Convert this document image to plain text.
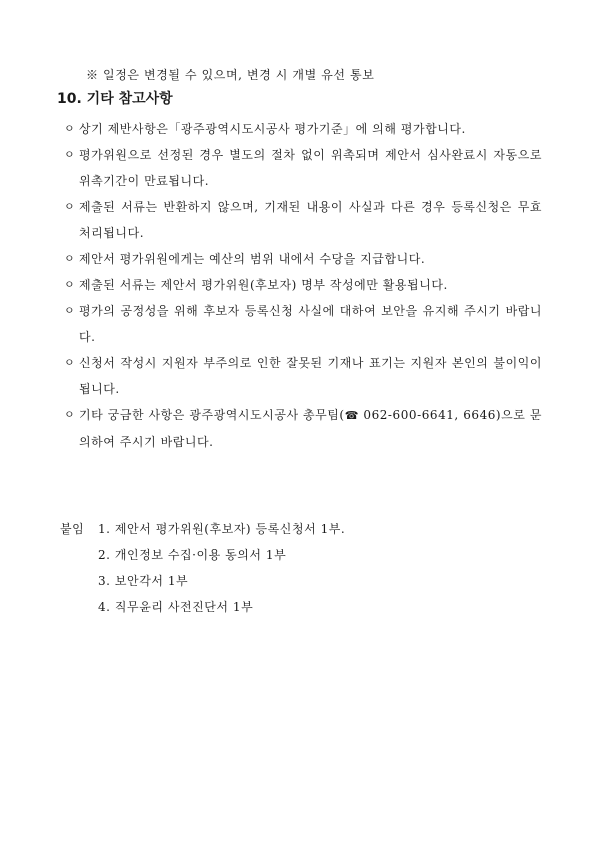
※ 일정은 변경될 수 있으며, 변경 시 개별 유선 통보
10. 기타 참고사항
ㅇ 상기 제반사항은「광주광역시도시공사 평가기준」에 의해 평가합니다.
ㅇ 평가위원으로 선정된 경우 별도의 절차 없이 위촉되며 제안서 심사완료시 자동으로 위촉기간이 만료됩니다.
ㅇ 제출된 서류는 반환하지 않으며, 기재된 내용이 사실과 다른 경우 등록신청은 무효 처리됩니다.
ㅇ 제안서 평가위원에게는 예산의 범위 내에서 수당을 지급합니다.
ㅇ 제출된 서류는 제안서 평가위원(후보자) 명부 작성에만 활용됩니다.
ㅇ 평가의 공정성을 위해 후보자 등록신청 사실에 대하여 보안을 유지해 주시기 바랍니다.
ㅇ 신청서 작성시 지원자 부주의로 인한 잘못된 기재나 표기는 지원자 본인의 불이익이 됩니다.
ㅇ 기타 궁금한 사항은 광주광역시도시공사 총무팀(☎ 062-600-6641, 6646)으로 문의하여 주시기 바랍니다.
붙임 1. 제안서 평가위원(후보자) 등록신청서 1부.
2. 개인정보 수집·이용 동의서 1부
3. 보안각서 1부
4. 직무윤리 사전진단서 1부
